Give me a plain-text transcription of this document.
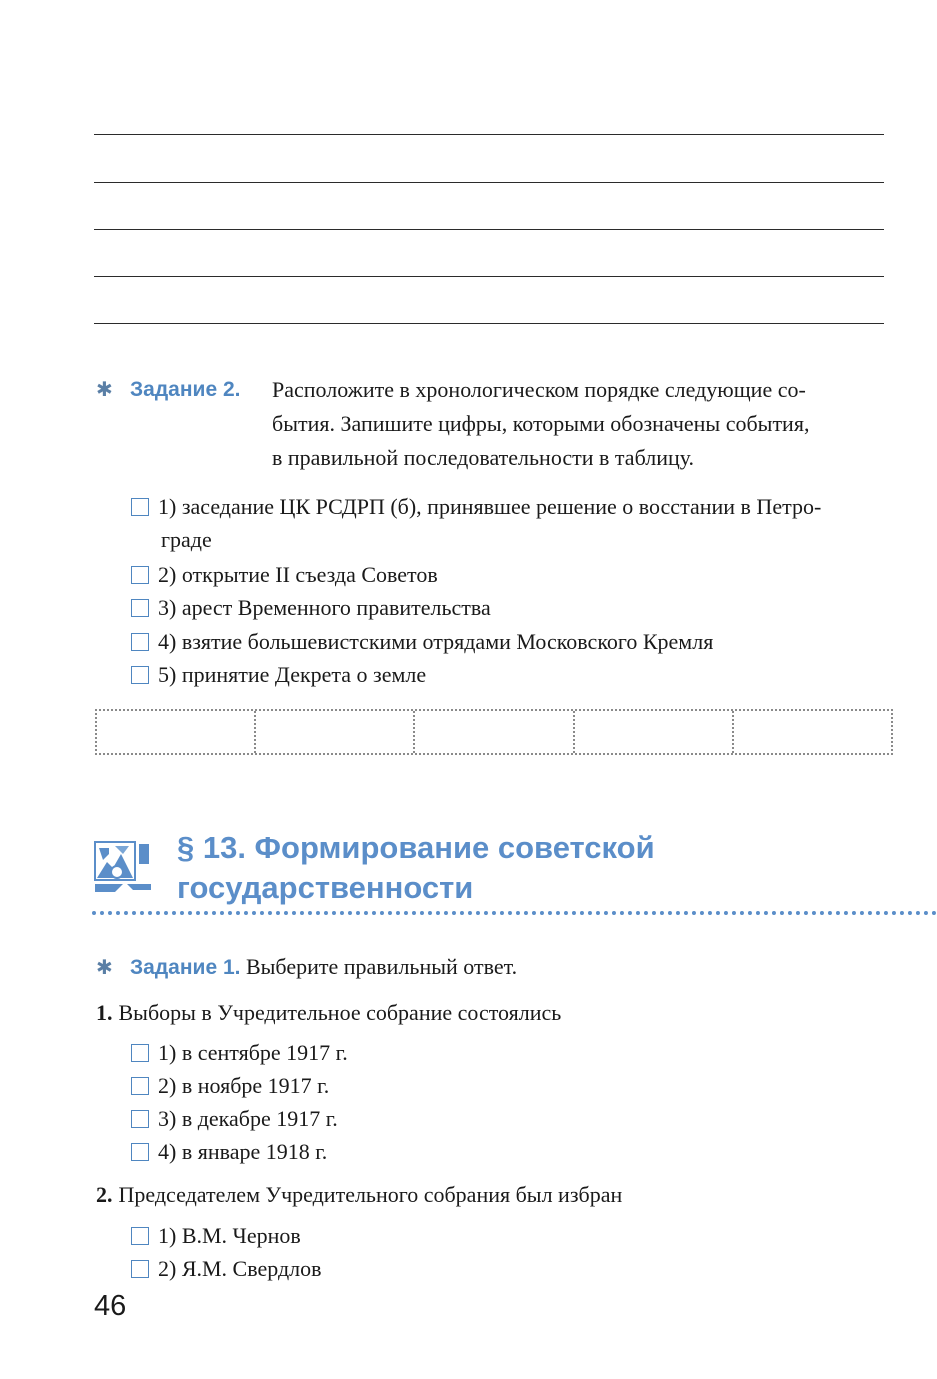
✱ Задание 2. Расположите в хронологическом порядке следующие со-
бытия. Запишите цифры, которыми обозначены события,
в правильной последовательности в таблицу.
1) заседание ЦК РСДРП (б), принявшее решение о восстании в Петро-
граде
2) открытие II съезда Советов
3) арест Временного правительства
4) взятие большевистскими отрядами Московского Кремля
5) принятие Декрета о земле
§ 13. Формирование советской
государственности
✱ Задание 1. Выберите правильный ответ.
1. Выборы в Учредительное собрание состоялись
1) в сентябре 1917 г.
2) в ноябре 1917 г.
3) в декабре 1917 г.
4) в январе 1918 г.
2. Председателем Учредительного собрания был избран
1) В.М. Чернов
2) Я.М. Свердлов
46
